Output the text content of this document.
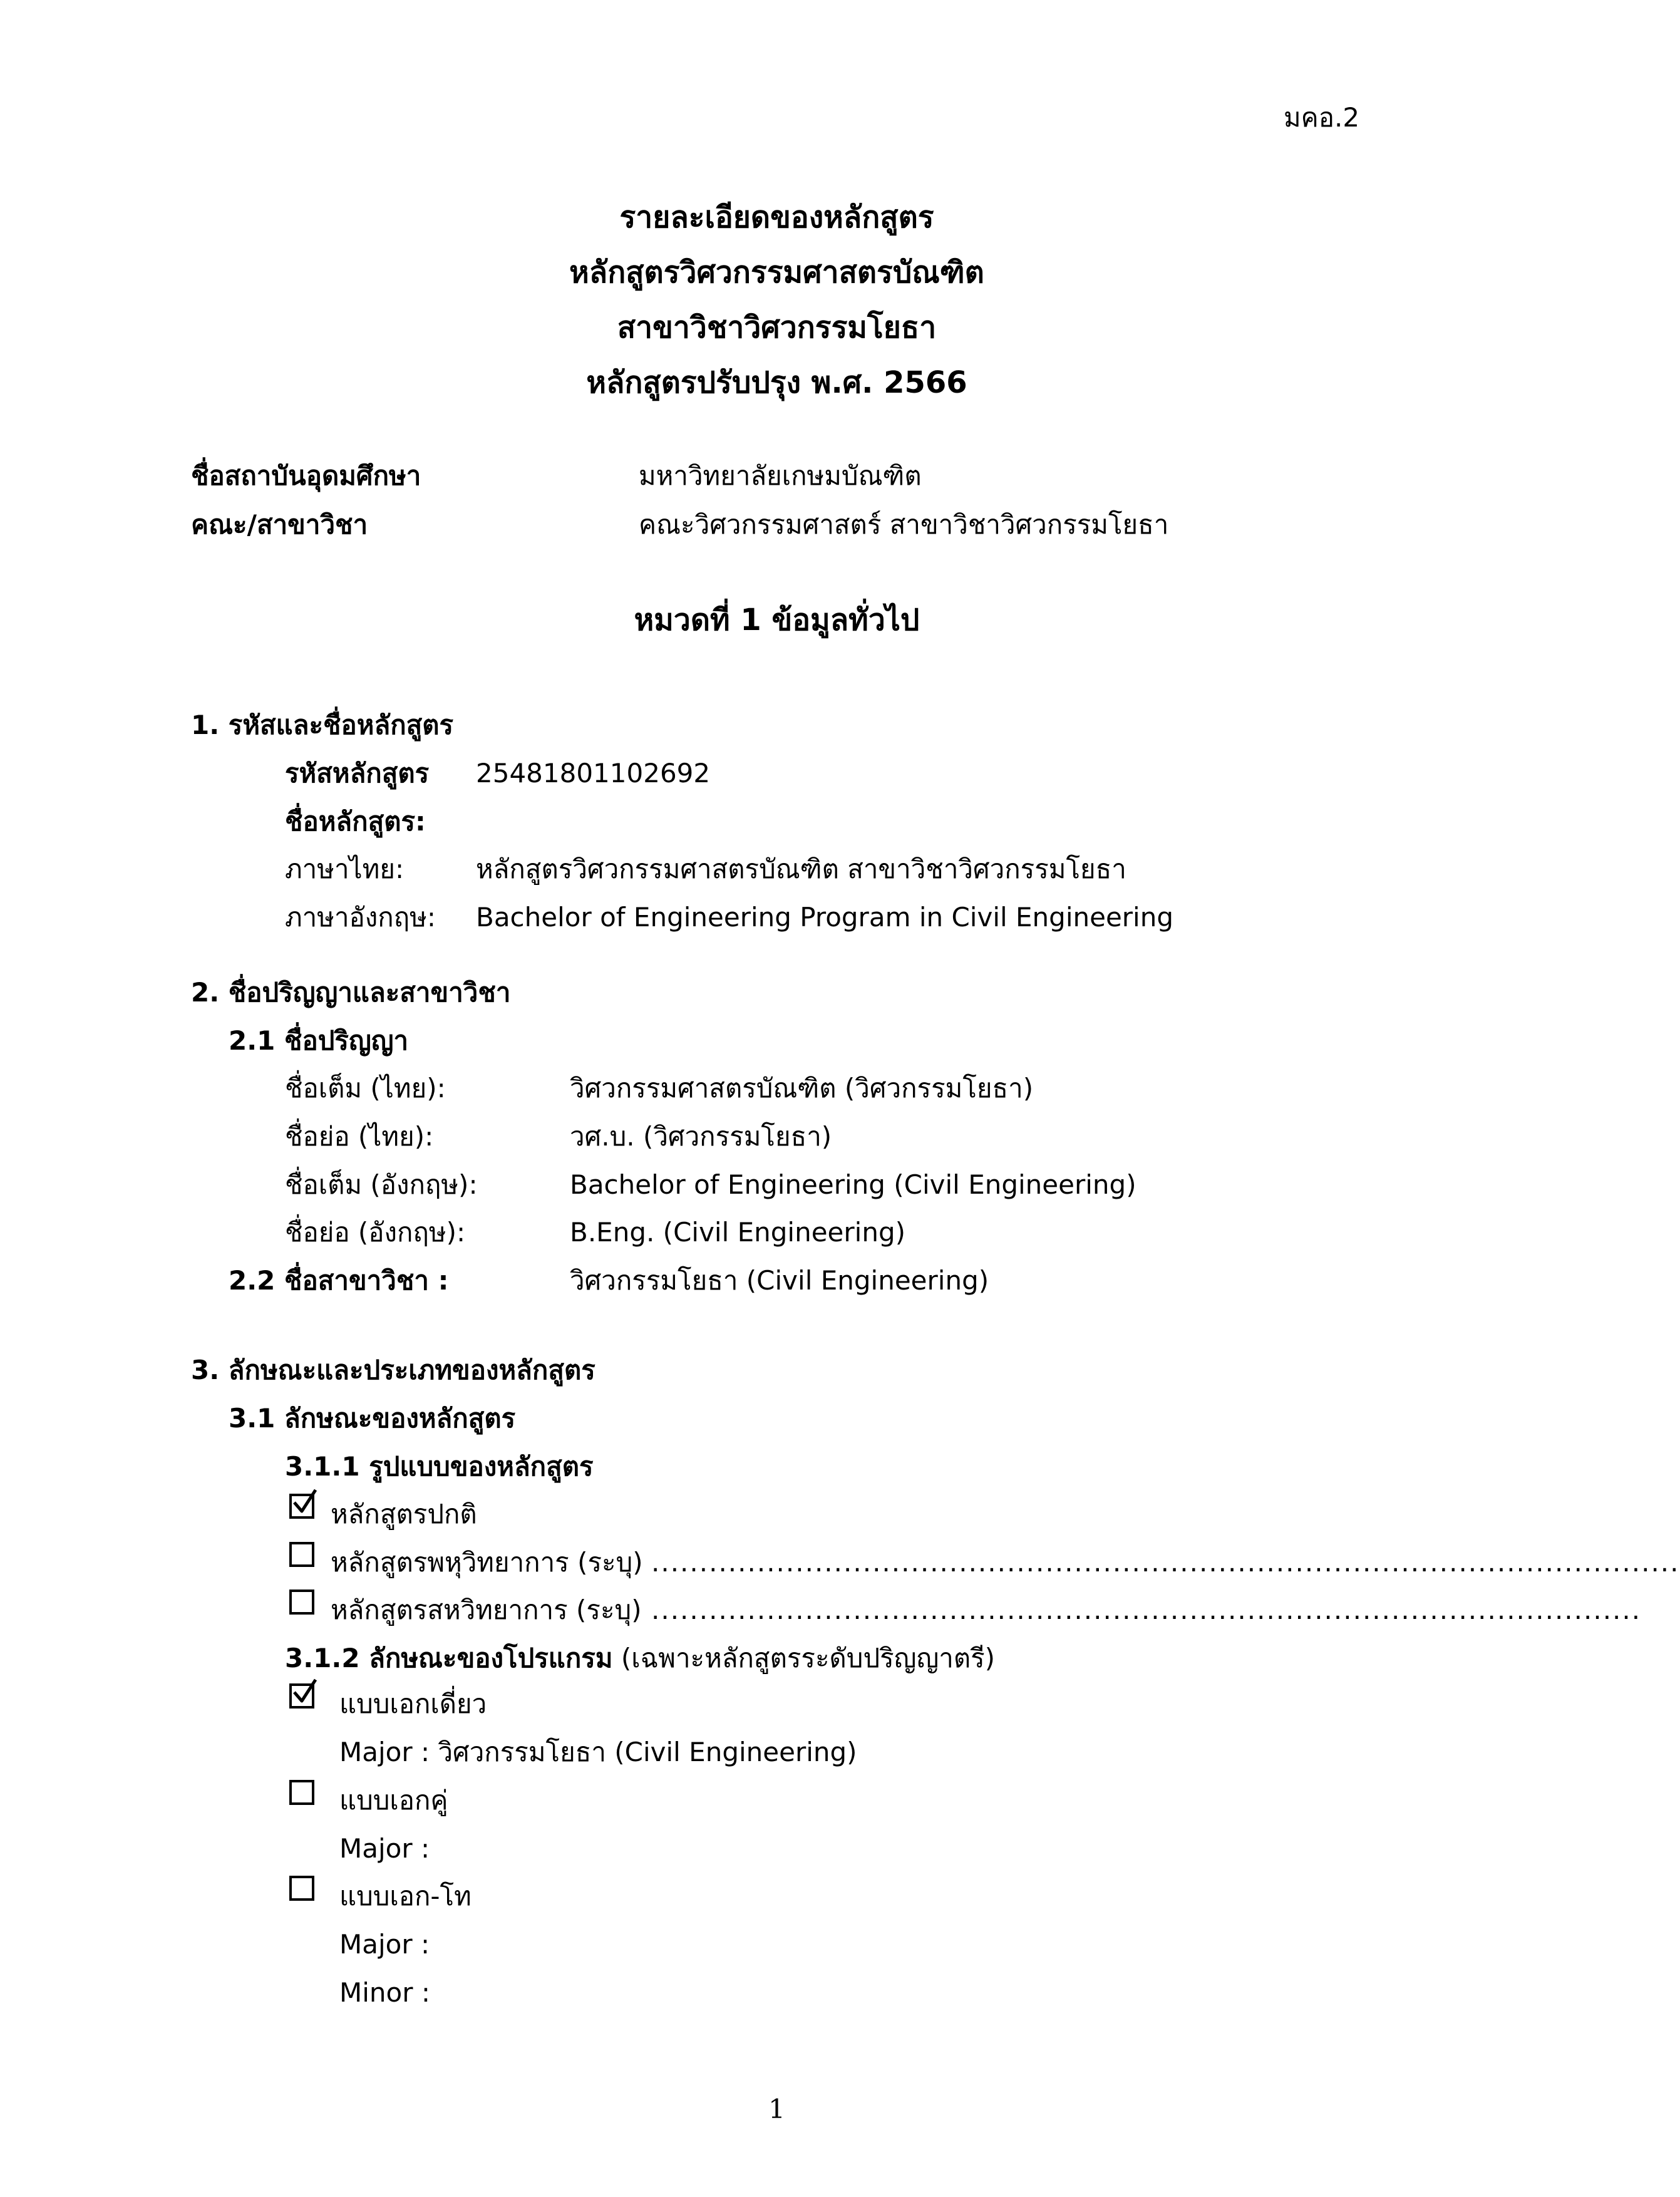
มคอ.2
รายละเอียดของหลักสูตร
หลักสูตรวิศวกรรมศาสตรบัณฑิต
สาขาวิชาวิศวกรรมโยธา
หลักสูตรปรับปรุง พ.ศ. 2566
ชื่อสถาบันอุดมศึกษา	มหาวิทยาลัยเกษมบัณฑิต
คณะ/สาขาวิชา	คณะวิศวกรรมศาสตร์ สาขาวิชาวิศวกรรมโยธา
หมวดที่ 1 ข้อมูลทั่วไป
1. รหัสและชื่อหลักสูตร
รหัสหลักสูตร 25481801102692
ชื่อหลักสูตร:
ภาษาไทย:	หลักสูตรวิศวกรรมศาสตรบัณฑิต สาขาวิชาวิศวกรรมโยธา
ภาษาอังกฤษ: Bachelor of Engineering Program in Civil Engineering
2. ชื่อปริญญาและสาขาวิชา
2.1 ชื่อปริญญา
ชื่อเต็ม (ไทย):	วิศวกรรมศาสตรบัณฑิต (วิศวกรรมโยธา)
ชื่อย่อ (ไทย):	วศ.บ. (วิศวกรรมโยธา)
ชื่อเต็ม (อังกฤษ):	Bachelor of Engineering (Civil Engineering)
ชื่อย่อ (อังกฤษ):	B.Eng. (Civil Engineering)
2.2 ชื่อสาขาวิชา :	วิศวกรรมโยธา (Civil Engineering)
3. ลักษณะและประเภทของหลักสูตร
3.1 ลักษณะของหลักสูตร
3.1.1 รูปแบบของหลักสูตร
หลักสูตรปกติ
หลักสูตรพหุวิทยาการ (ระบุ) ...........................................................................................................
หลักสูตรสหวิทยาการ (ระบุ) .......................................................................................................
3.1.2 ลักษณะของโปรแกรม (เฉพาะหลักสูตรระดับปริญญาตรี)
แบบเอกเดี่ยว
Major : วิศวกรรมโยธา (Civil Engineering)
แบบเอกคู่
Major :
แบบเอก-โท
Major :
Minor :
1
